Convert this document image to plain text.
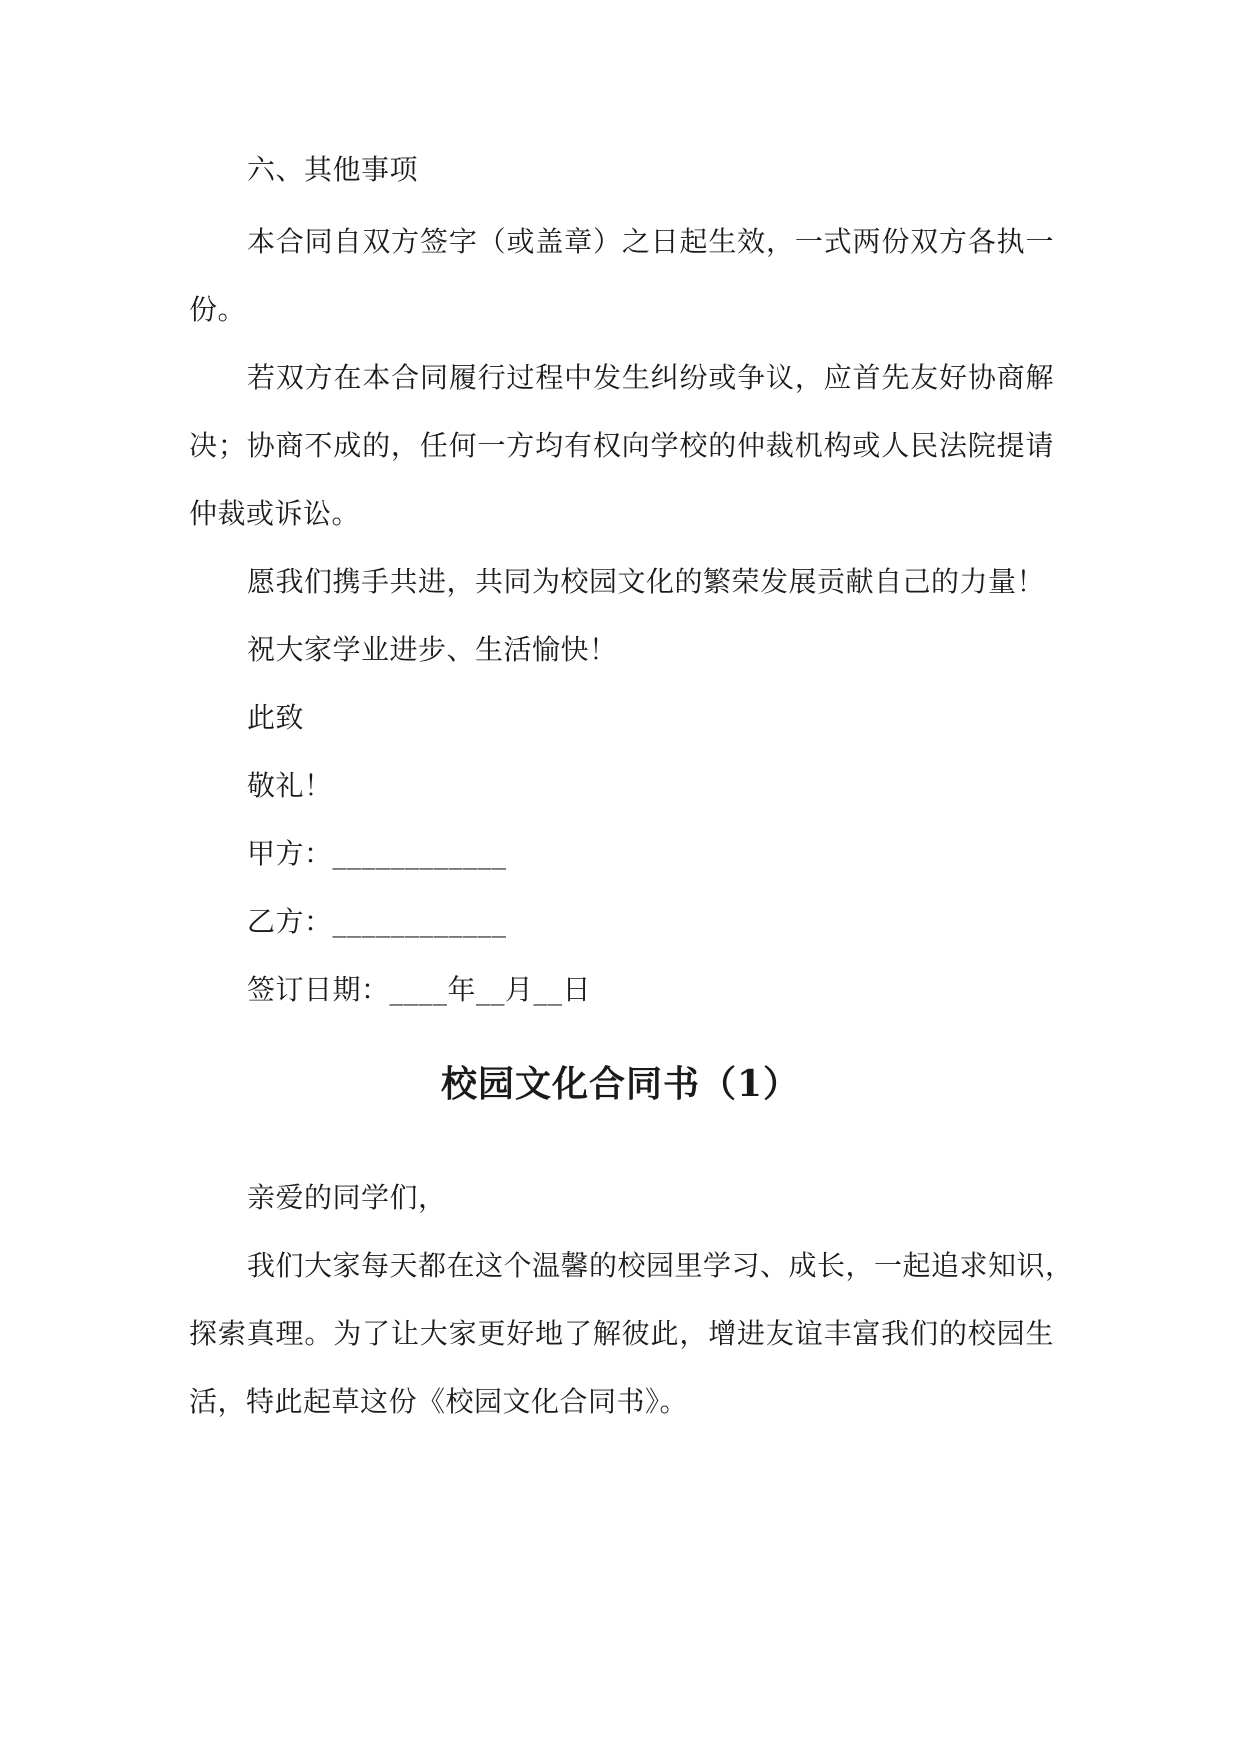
六、其他事项
本合同自双方签字（或盖章）之日起生效，一式两份双方各执一
份。
若双方在本合同履行过程中发生纠纷或争议，应首先友好协商解
决；协商不成的，任何一方均有权向学校的仲裁机构或人民法院提请
仲裁或诉讼。
愿我们携手共进，共同为校园文化的繁荣发展贡献自己的力量！
祝大家学业进步、生活愉快！
此致
敬礼！
甲方：____________
乙方：____________
签订日期：____年__月__日
校园文化合同书（1）
亲爱的同学们，
我们大家每天都在这个温馨的校园里学习、成长，一起追求知识，
探索真理。为了让大家更好地了解彼此，增进友谊丰富我们的校园生
活，特此起草这份《校园文化合同书》。
